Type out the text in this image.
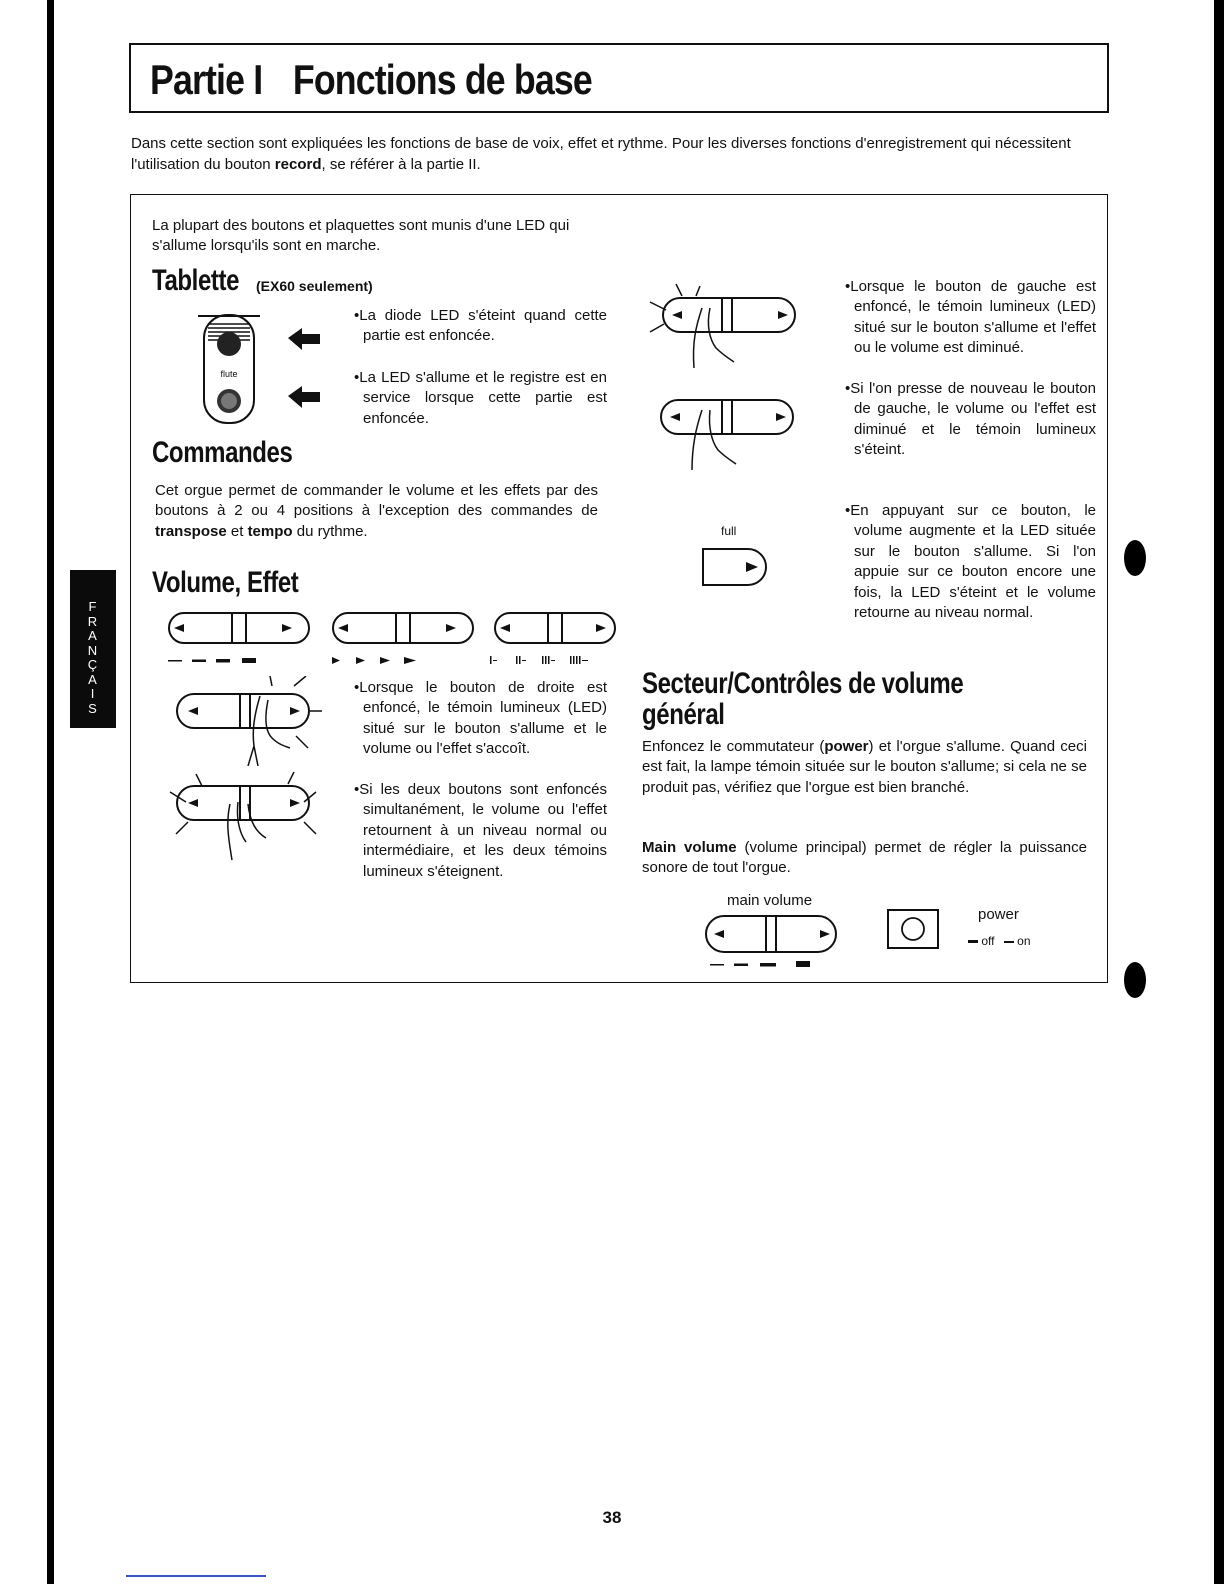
Partie I Fonctions de base
Dans cette section sont expliquées les fonctions de base de voix, effet et rythme. Pour les diverses fonctions d'enregistrement qui nécessitent l'utilisation du bouton record, se référer à la partie II.
F
R
A
N
Ç
A
I
S
La plupart des boutons et plaquettes sont munis d'une LED qui s'allume lorsqu'ils sont en marche.
Tablette (EX60 seulement)
flute
•La diode LED s'éteint quand cette partie est enfoncée.
•La LED s'allume et le registre est en service lorsque cette partie est enfoncée.
Commandes
Cet orgue permet de commander le volume et les effets par des boutons à 2 ou 4 positions à l'exception des commandes de transpose et tempo du rythme.
Volume, Effet
•Lorsque le bouton de droite est enfoncé, le témoin lumineux (LED) situé sur le bouton s'allume et le volume ou l'effet s'accoît.
•Si les deux boutons sont enfoncés simultanément, le volume ou l'effet retournent à un niveau normal ou intermédiaire, et les deux témoins lumineux s'éteignent.
•Lorsque le bouton de gauche est enfoncé, le témoin lumineux (LED) situé sur le bouton s'allume et l'effet ou le volume est diminué.
•Si l'on presse de nouveau le bouton de gauche, le volume ou l'effet est diminué et le témoin lumineux s'éteint.
full
•En appuyant sur ce bouton, le volume augmente et la LED située sur le bouton s'allume. Si l'on appuie sur ce bouton encore une fois, la LED s'éteint et le volume retourne au niveau normal.
Secteur/Contrôles de volume
général
Enfoncez le commutateur (power) et l'orgue s'allume. Quand ceci est fait, la lampe témoin située sur le bouton s'allume; si cela ne se produit pas, vérifiez que l'orgue est bien branché.
Main volume (volume principal) permet de régler la puissance sonore de tout l'orgue.
main volume
power
off on
38
